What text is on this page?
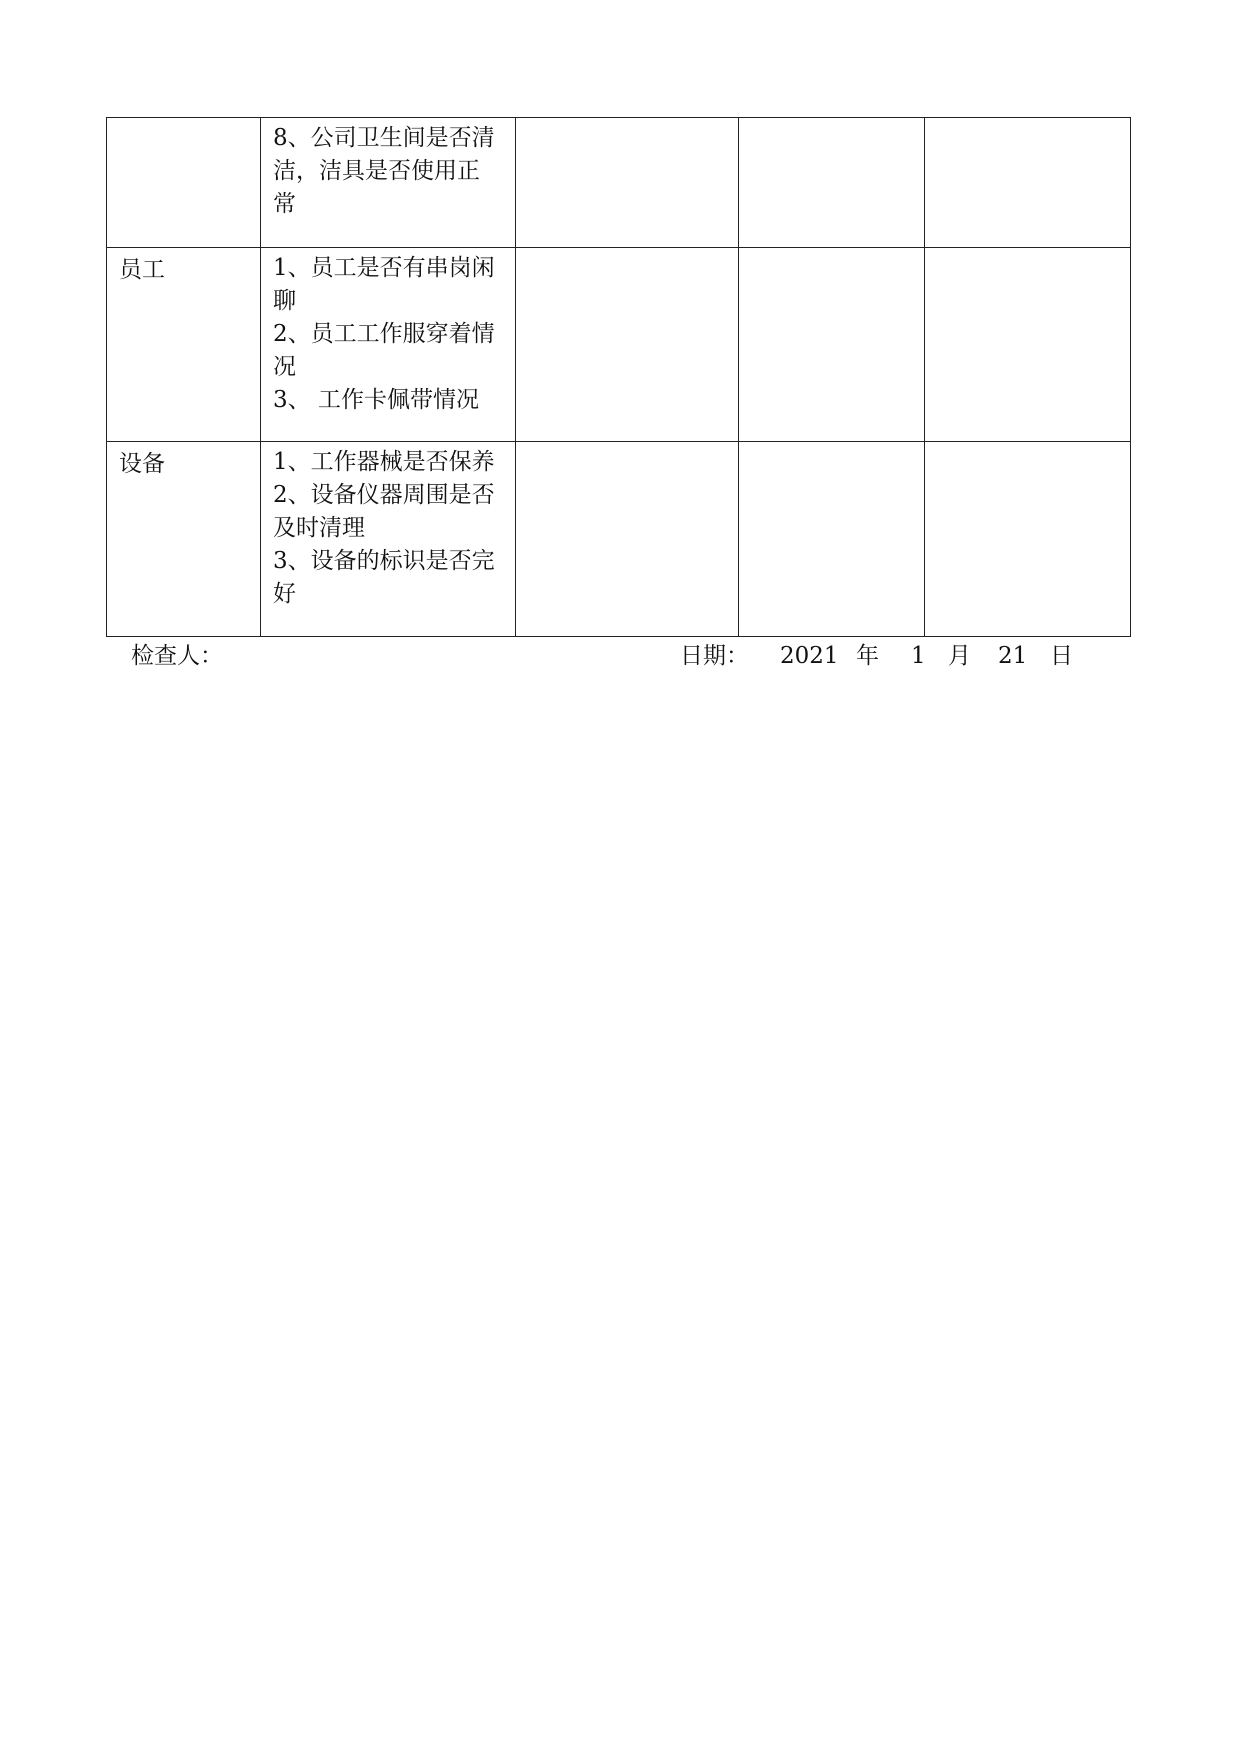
	8、公司卫生间是否清
洁，洁具是否使用正
常			

员工	1、员工是否有串岗闲
聊
2、员工工作服穿着情
况
3、 工作卡佩带情况			

设备	1、工作器械是否保养
2、设备仪器周围是否
及时清理
3、设备的标识是否完
好			

检查人：	日期： 2021 年 1 月 21 日
